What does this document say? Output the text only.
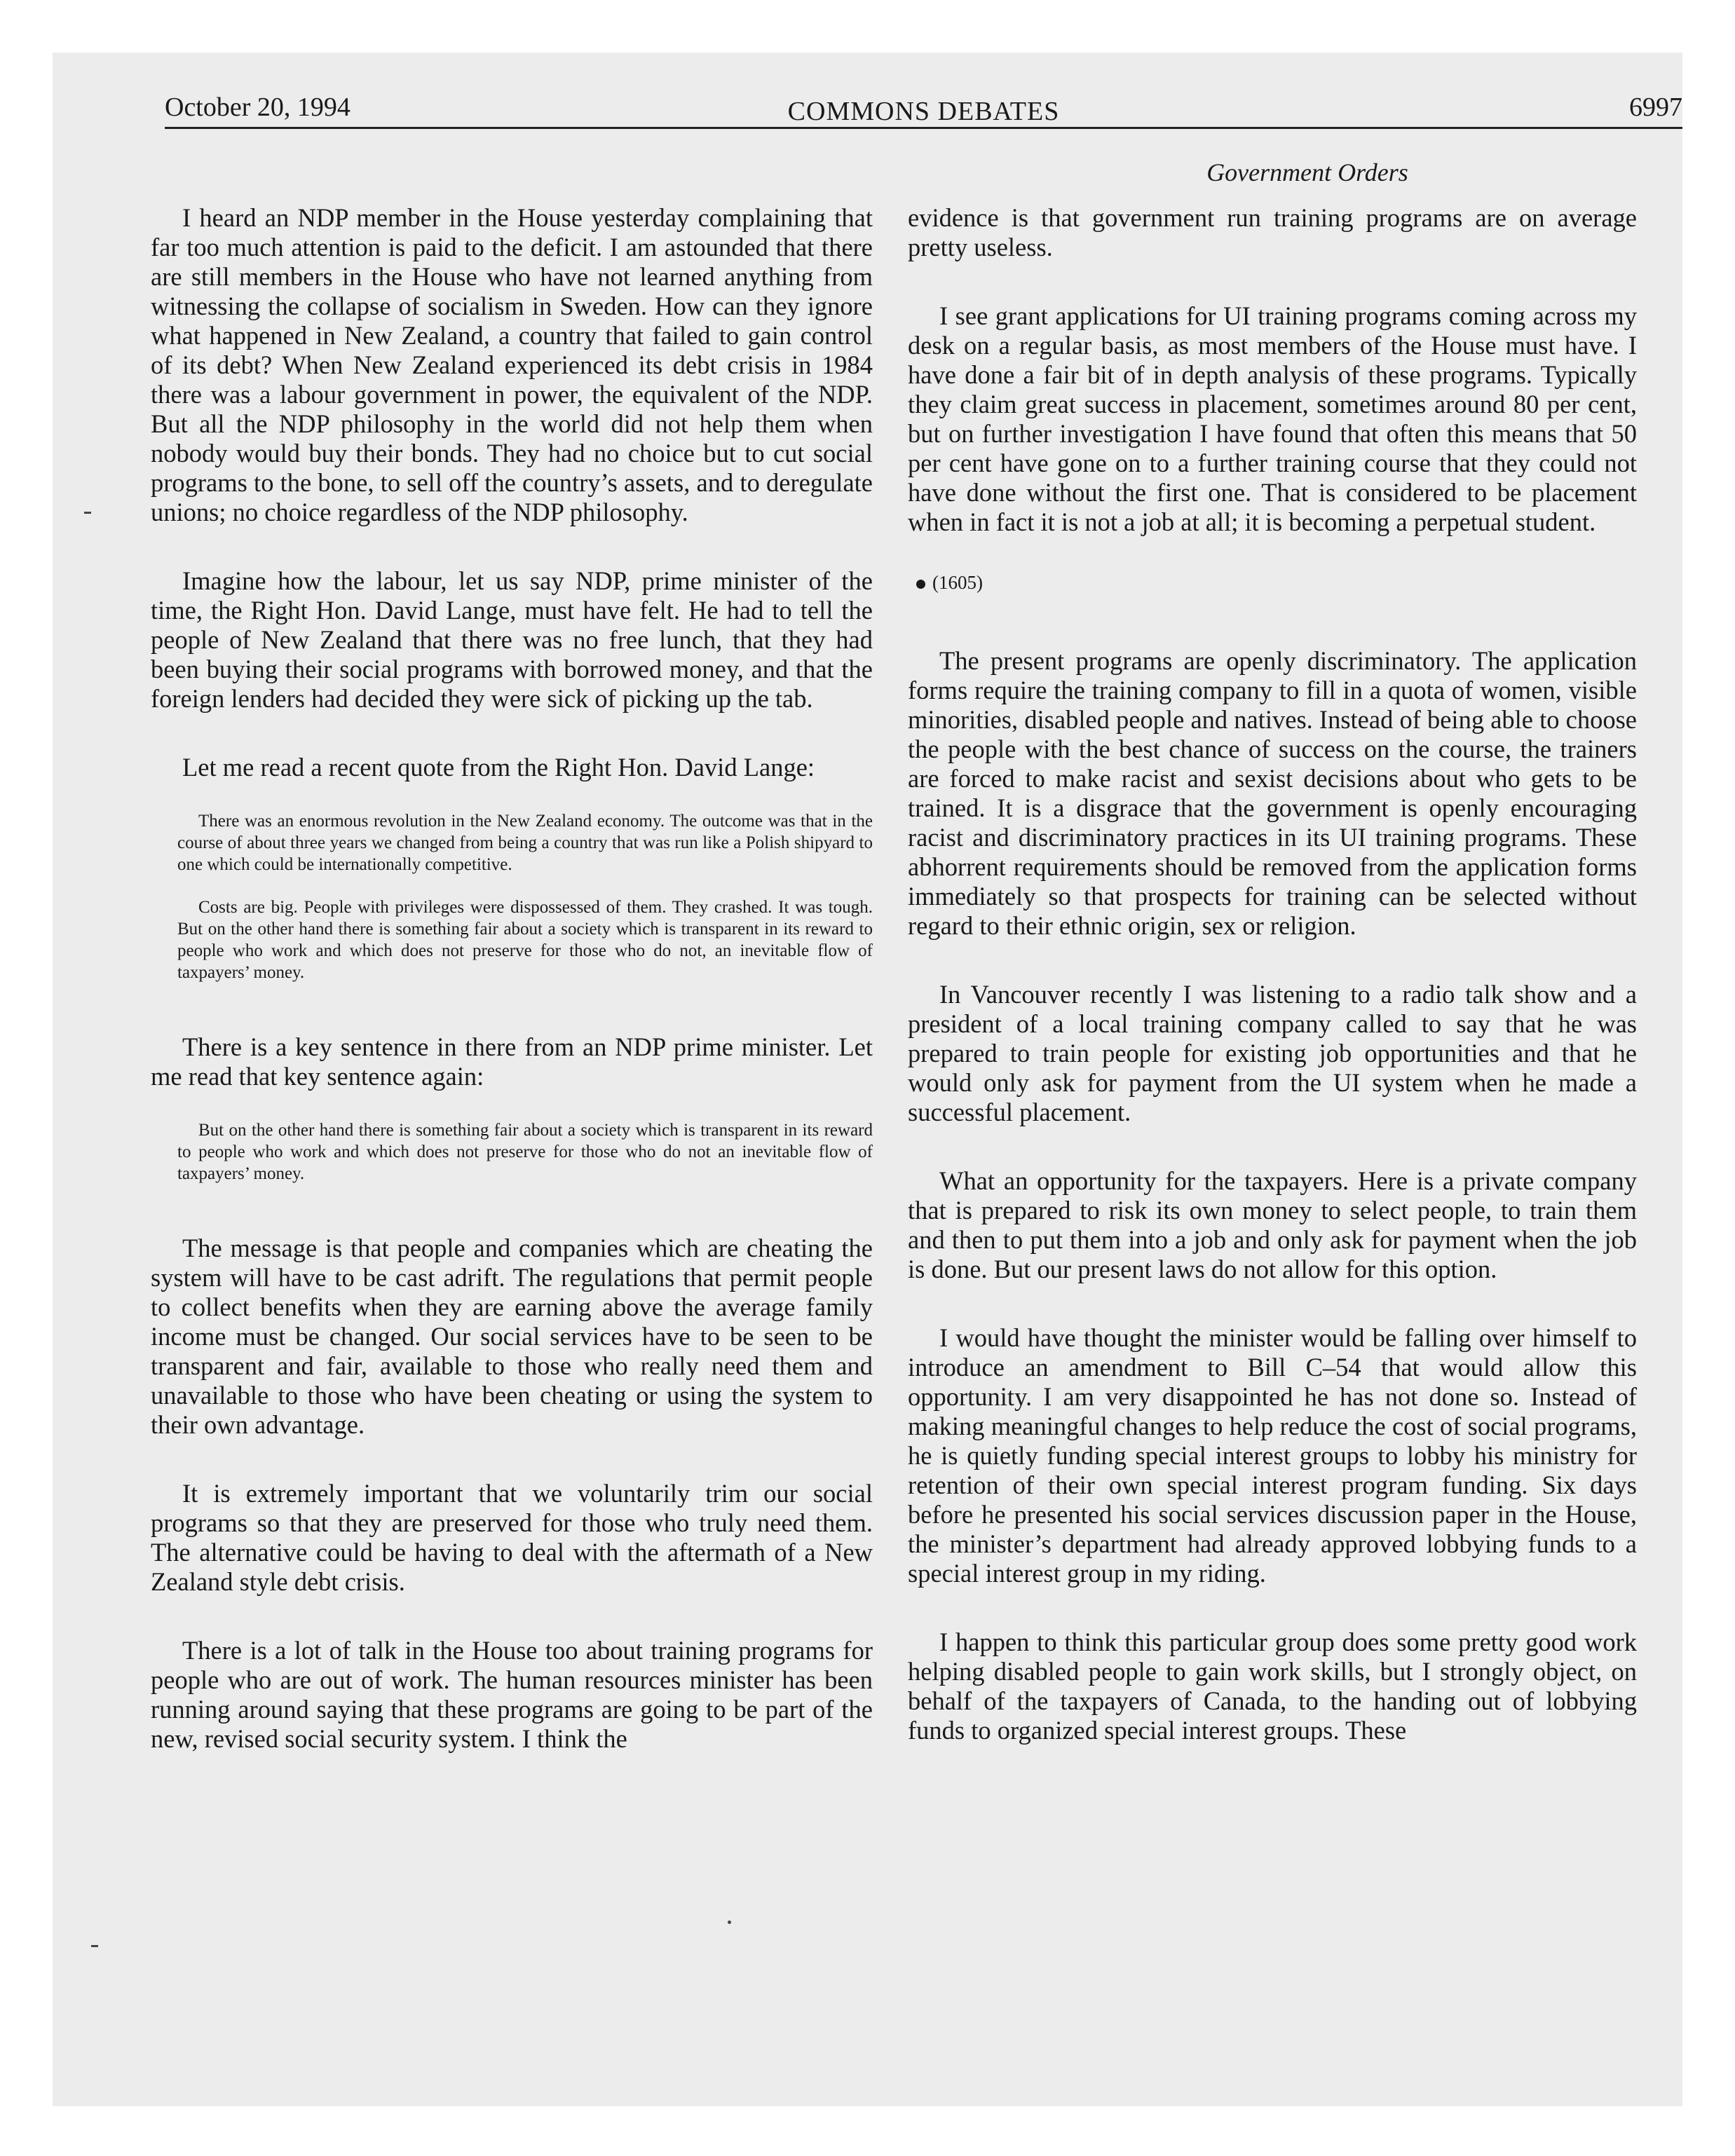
October 20, 1994	COMMONS DEBATES	6997
Government Orders

I heard an NDP member in the House yesterday complaining that far too much attention is paid to the deficit. I am astounded that there are still members in the House who have not learned anything from witnessing the collapse of socialism in Sweden. How can they ignore what happened in New Zealand, a country that failed to gain control of its debt? When New Zealand experienced its debt crisis in 1984 there was a labour government in power, the equivalent of the NDP. But all the NDP philosophy in the world did not help them when nobody would buy their bonds. They had no choice but to cut social programs to the bone, to sell off the country’s assets, and to deregulate unions; no choice regardless of the NDP philosophy.

Imagine how the labour, let us say NDP, prime minister of the time, the Right Hon. David Lange, must have felt. He had to tell the people of New Zealand that there was no free lunch, that they had been buying their social programs with borrowed money, and that the foreign lenders had decided they were sick of picking up the tab.

Let me read a recent quote from the Right Hon. David Lange:

There was an enormous revolution in the New Zealand economy. The outcome was that in the course of about three years we changed from being a country that was run like a Polish shipyard to one which could be internationally competitive.
Costs are big. People with privileges were dispossessed of them. They crashed. It was tough. But on the other hand there is something fair about a society which is transparent in its reward to people who work and which does not preserve for those who do not, an inevitable flow of taxpayers’ money.

There is a key sentence in there from an NDP prime minister. Let me read that key sentence again:

But on the other hand there is something fair about a society which is transparent in its reward to people who work and which does not preserve for those who do not an inevitable flow of taxpayers’ money.

The message is that people and companies which are cheating the system will have to be cast adrift. The regulations that permit people to collect benefits when they are earning above the average family income must be changed. Our social services have to be seen to be transparent and fair, available to those who really need them and unavailable to those who have been cheating or using the system to their own advantage.

It is extremely important that we voluntarily trim our social programs so that they are preserved for those who truly need them. The alternative could be having to deal with the aftermath of a New Zealand style debt crisis.

There is a lot of talk in the House too about training programs for people who are out of work. The human resources minister has been running around saying that these programs are going to be part of the new, revised social security system. I think the

evidence is that government run training programs are on average pretty useless.

I see grant applications for UI training programs coming across my desk on a regular basis, as most members of the House must have. I have done a fair bit of in depth analysis of these programs. Typically they claim great success in placement, sometimes around 80 per cent, but on further investigation I have found that often this means that 50 per cent have gone on to a further training course that they could not have done without the first one. That is considered to be placement when in fact it is not a job at all; it is becoming a perpetual student.

(1605)

The present programs are openly discriminatory. The application forms require the training company to fill in a quota of women, visible minorities, disabled people and natives. Instead of being able to choose the people with the best chance of success on the course, the trainers are forced to make racist and sexist decisions about who gets to be trained. It is a disgrace that the government is openly encouraging racist and discriminatory practices in its UI training programs. These abhorrent requirements should be removed from the application forms immediately so that prospects for training can be selected without regard to their ethnic origin, sex or religion.

In Vancouver recently I was listening to a radio talk show and a president of a local training company called to say that he was prepared to train people for existing job opportunities and that he would only ask for payment from the UI system when he made a successful placement.

What an opportunity for the taxpayers. Here is a private company that is prepared to risk its own money to select people, to train them and then to put them into a job and only ask for payment when the job is done. But our present laws do not allow for this option.

I would have thought the minister would be falling over himself to introduce an amendment to Bill C–54 that would allow this opportunity. I am very disappointed he has not done so. Instead of making meaningful changes to help reduce the cost of social programs, he is quietly funding special interest groups to lobby his ministry for retention of their own special interest program funding. Six days before he presented his social services discussion paper in the House, the minister’s department had already approved lobbying funds to a special interest group in my riding.

I happen to think this particular group does some pretty good work helping disabled people to gain work skills, but I strongly object, on behalf of the taxpayers of Canada, to the handing out of lobbying funds to organized special interest groups. These
